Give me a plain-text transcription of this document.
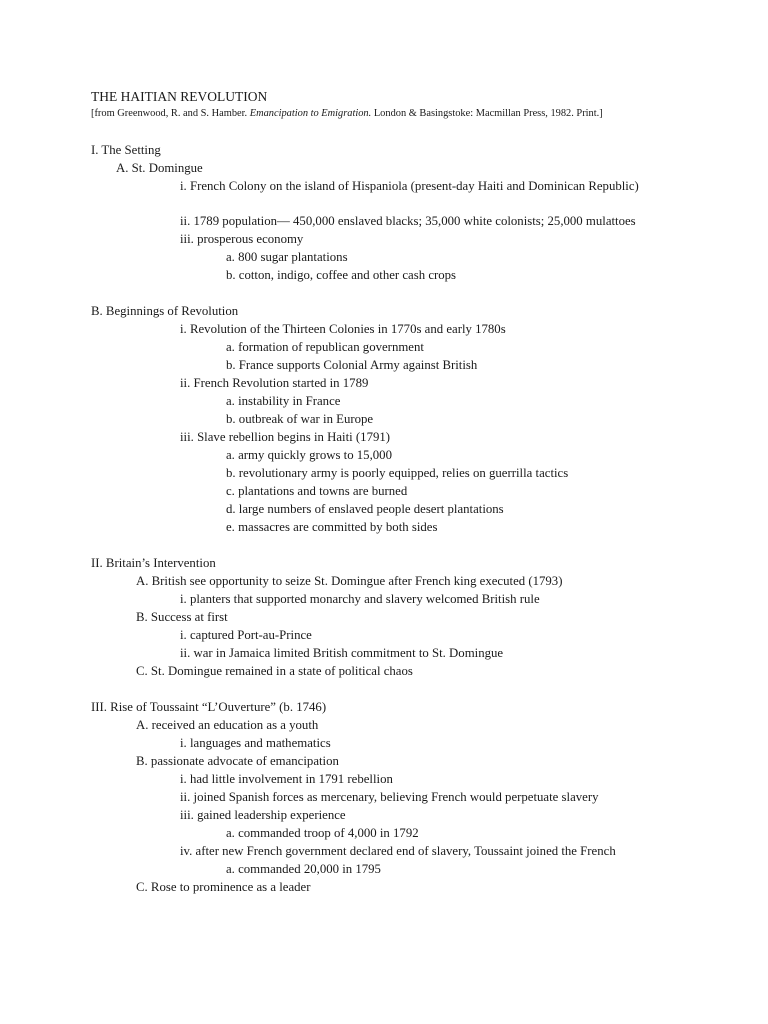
THE HAITIAN REVOLUTION
[from Greenwood, R. and S. Hamber. Emancipation to Emigration. London & Basingstoke: Macmillan Press, 1982. Print.]
I. The Setting
A. St. Domingue
i. French Colony on the island of Hispaniola (present-day Haiti and Dominican Republic)
ii. 1789 population— 450,000 enslaved blacks; 35,000 white colonists; 25,000 mulattoes
iii. prosperous economy
a. 800 sugar plantations
b. cotton, indigo, coffee and other cash crops
B. Beginnings of Revolution
i. Revolution of the Thirteen Colonies in 1770s and early 1780s
a. formation of republican government
b. France supports Colonial Army against British
ii. French Revolution started in 1789
a. instability in France
b. outbreak of war in Europe
iii. Slave rebellion begins in Haiti (1791)
a. army quickly grows to 15,000
b. revolutionary army is poorly equipped, relies on guerrilla tactics
c. plantations and towns are burned
d. large numbers of enslaved people desert plantations
e. massacres are committed by both sides
II. Britain’s Intervention
A. British see opportunity to seize St. Domingue after French king executed (1793)
i. planters that supported monarchy and slavery welcomed British rule
B. Success at first
i. captured Port-au-Prince
ii. war in Jamaica limited British commitment to St. Domingue
C. St. Domingue remained in a state of political chaos
III. Rise of Toussaint “L’Ouverture” (b. 1746)
A. received an education as a youth
i. languages and mathematics
B. passionate advocate of emancipation
i. had little involvement in 1791 rebellion
ii. joined Spanish forces as mercenary, believing French would perpetuate slavery
iii. gained leadership experience
a. commanded troop of 4,000 in 1792
iv. after new French government declared end of slavery, Toussaint joined the French
a. commanded 20,000 in 1795
C. Rose to prominence as a leader
